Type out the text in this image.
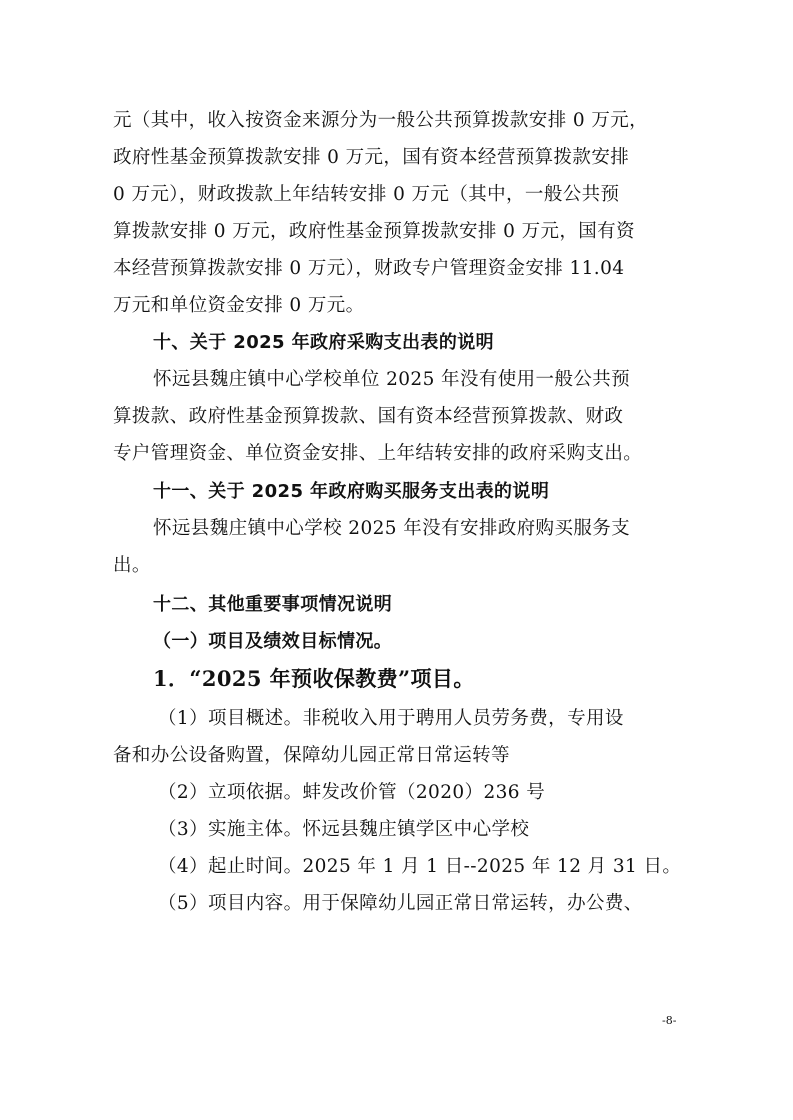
元（其中，收入按资金来源分为一般公共预算拨款安排 0 万元，
政府性基金预算拨款安排 0 万元，国有资本经营预算拨款安排
0 万元），财政拨款上年结转安排 0 万元（其中，一般公共预
算拨款安排 0 万元，政府性基金预算拨款安排 0 万元，国有资
本经营预算拨款安排 0 万元），财政专户管理资金安排 11.04
万元和单位资金安排 0 万元。
十、关于 2025 年政府采购支出表的说明
怀远县魏庄镇中心学校单位 2025 年没有使用一般公共预
算拨款、政府性基金预算拨款、国有资本经营预算拨款、财政
专户管理资金、单位资金安排、上年结转安排的政府采购支出。
十一、关于 2025 年政府购买服务支出表的说明
怀远县魏庄镇中心学校 2025 年没有安排政府购买服务支
出。
十二、其他重要事项情况说明
（一）项目及绩效目标情况。
1．“2025 年预收保教费”项目。
（1）项目概述。非税收入用于聘用人员劳务费，专用设
备和办公设备购置，保障幼儿园正常日常运转等
（2）立项依据。蚌发改价管（2020）236 号
（3）实施主体。怀远县魏庄镇学区中心学校
（4）起止时间。2025 年 1 月 1 日--2025 年 12 月 31 日。
（5）项目内容。用于保障幼儿园正常日常运转，办公费、
-8-
